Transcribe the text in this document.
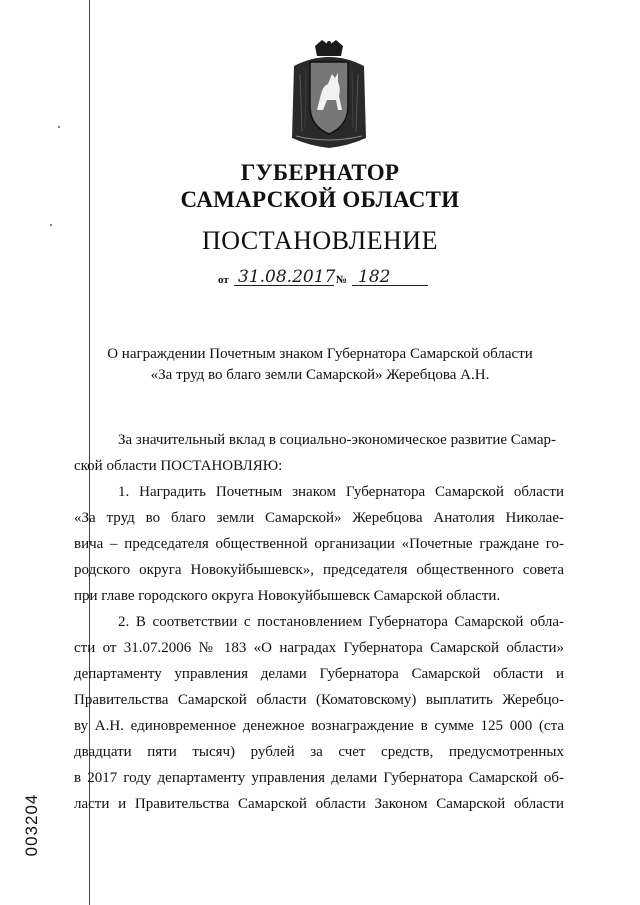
ГУБЕРНАТОР
САМАРСКОЙ ОБЛАСТИ
ПОСТАНОВЛЕНИЕ
от 31.08.2017 № 182
О награждении Почетным знаком Губернатора Самарской области
«За труд во благо земли Самарской» Жеребцова А.Н.
За значительный вклад в социально-экономическое развитие Самар-
ской области ПОСТАНОВЛЯЮ:
1. Наградить Почетным знаком Губернатора Самарской области
«За труд во благо земли Самарской» Жеребцова Анатолия Николае-
вича – председателя общественной организации «Почетные граждане го-
родского округа Новокуйбышевск», председателя общественного совета
при главе городского округа Новокуйбышевск Самарской области.
2. В соответствии с постановлением Губернатора Самарской обла-
сти от 31.07.2006 № 183 «О наградах Губернатора Самарской области»
департаменту управления делами Губернатора Самарской области и
Правительства Самарской области (Коматовскому) выплатить Жеребцо-
ву А.Н. единовременное денежное вознаграждение в сумме 125 000 (ста
двадцати пяти тысяч) рублей за счет средств, предусмотренных
в 2017 году департаменту управления делами Губернатора Самарской об-
ласти и Правительства Самарской области Законом Самарской области
003204
